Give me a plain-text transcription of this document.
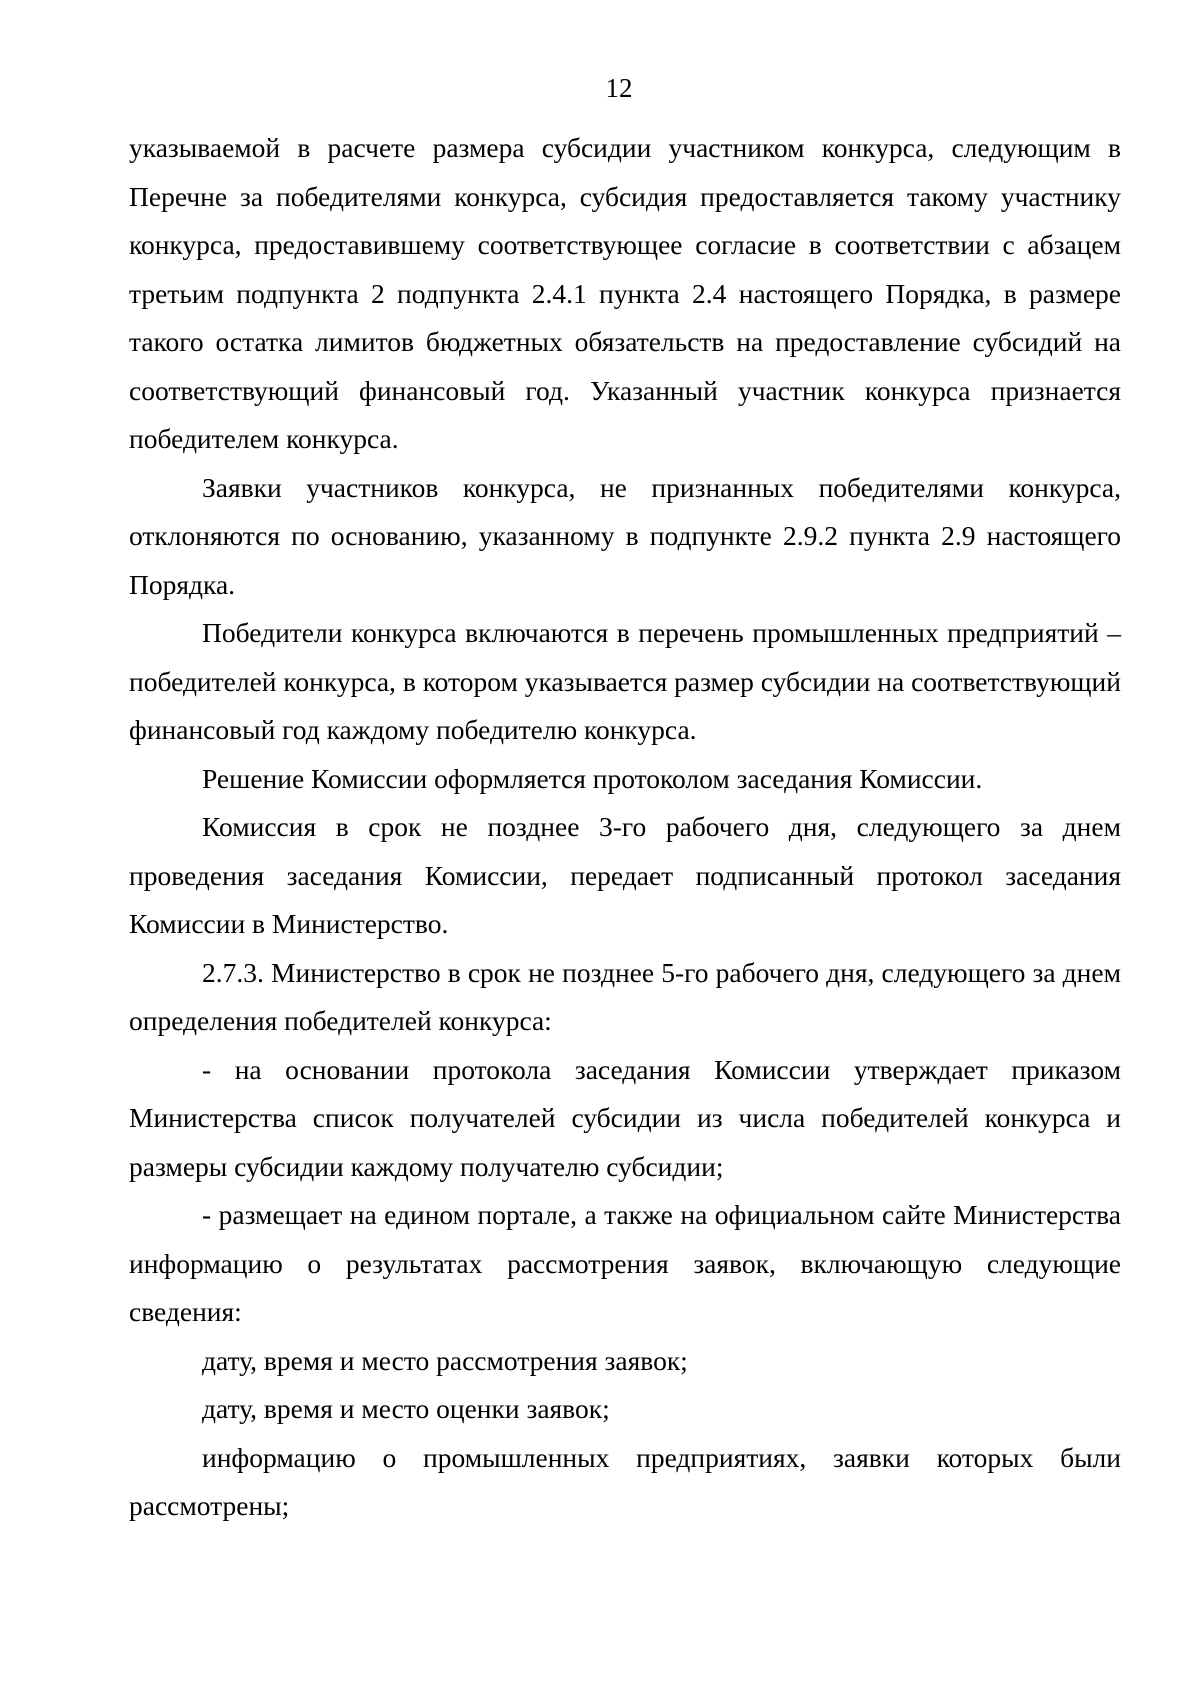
12

указываемой в расчете размера субсидии участником конкурса, следующим в Перечне за победителями конкурса, субсидия предоставляется такому участнику конкурса, предоставившему соответствующее согласие в соответствии с абзацем третьим подпункта 2 подпункта 2.4.1 пункта 2.4 настоящего Порядка, в размере такого остатка лимитов бюджетных обязательств на предоставление субсидий на соответствующий финансовый год. Указанный участник конкурса признается победителем конкурса.

Заявки участников конкурса, не признанных победителями конкурса, отклоняются по основанию, указанному в подпункте 2.9.2 пункта 2.9 настоящего Порядка.

Победители конкурса включаются в перечень промышленных предприятий – победителей конкурса, в котором указывается размер субсидии на соответствующий финансовый год каждому победителю конкурса.

Решение Комиссии оформляется протоколом заседания Комиссии.

Комиссия в срок не позднее 3-го рабочего дня, следующего за днем проведения заседания Комиссии, передает подписанный протокол заседания Комиссии в Министерство.

2.7.3. Министерство в срок не позднее 5-го рабочего дня, следующего за днем определения победителей конкурса:

- на основании протокола заседания Комиссии утверждает приказом Министерства список получателей субсидии из числа победителей конкурса и размеры субсидии каждому получателю субсидии;

- размещает на едином портале, а также на официальном сайте Министерства информацию о результатах рассмотрения заявок, включающую следующие сведения:

дату, время и место рассмотрения заявок;

дату, время и место оценки заявок;

информацию о промышленных предприятиях, заявки которых были рассмотрены;
